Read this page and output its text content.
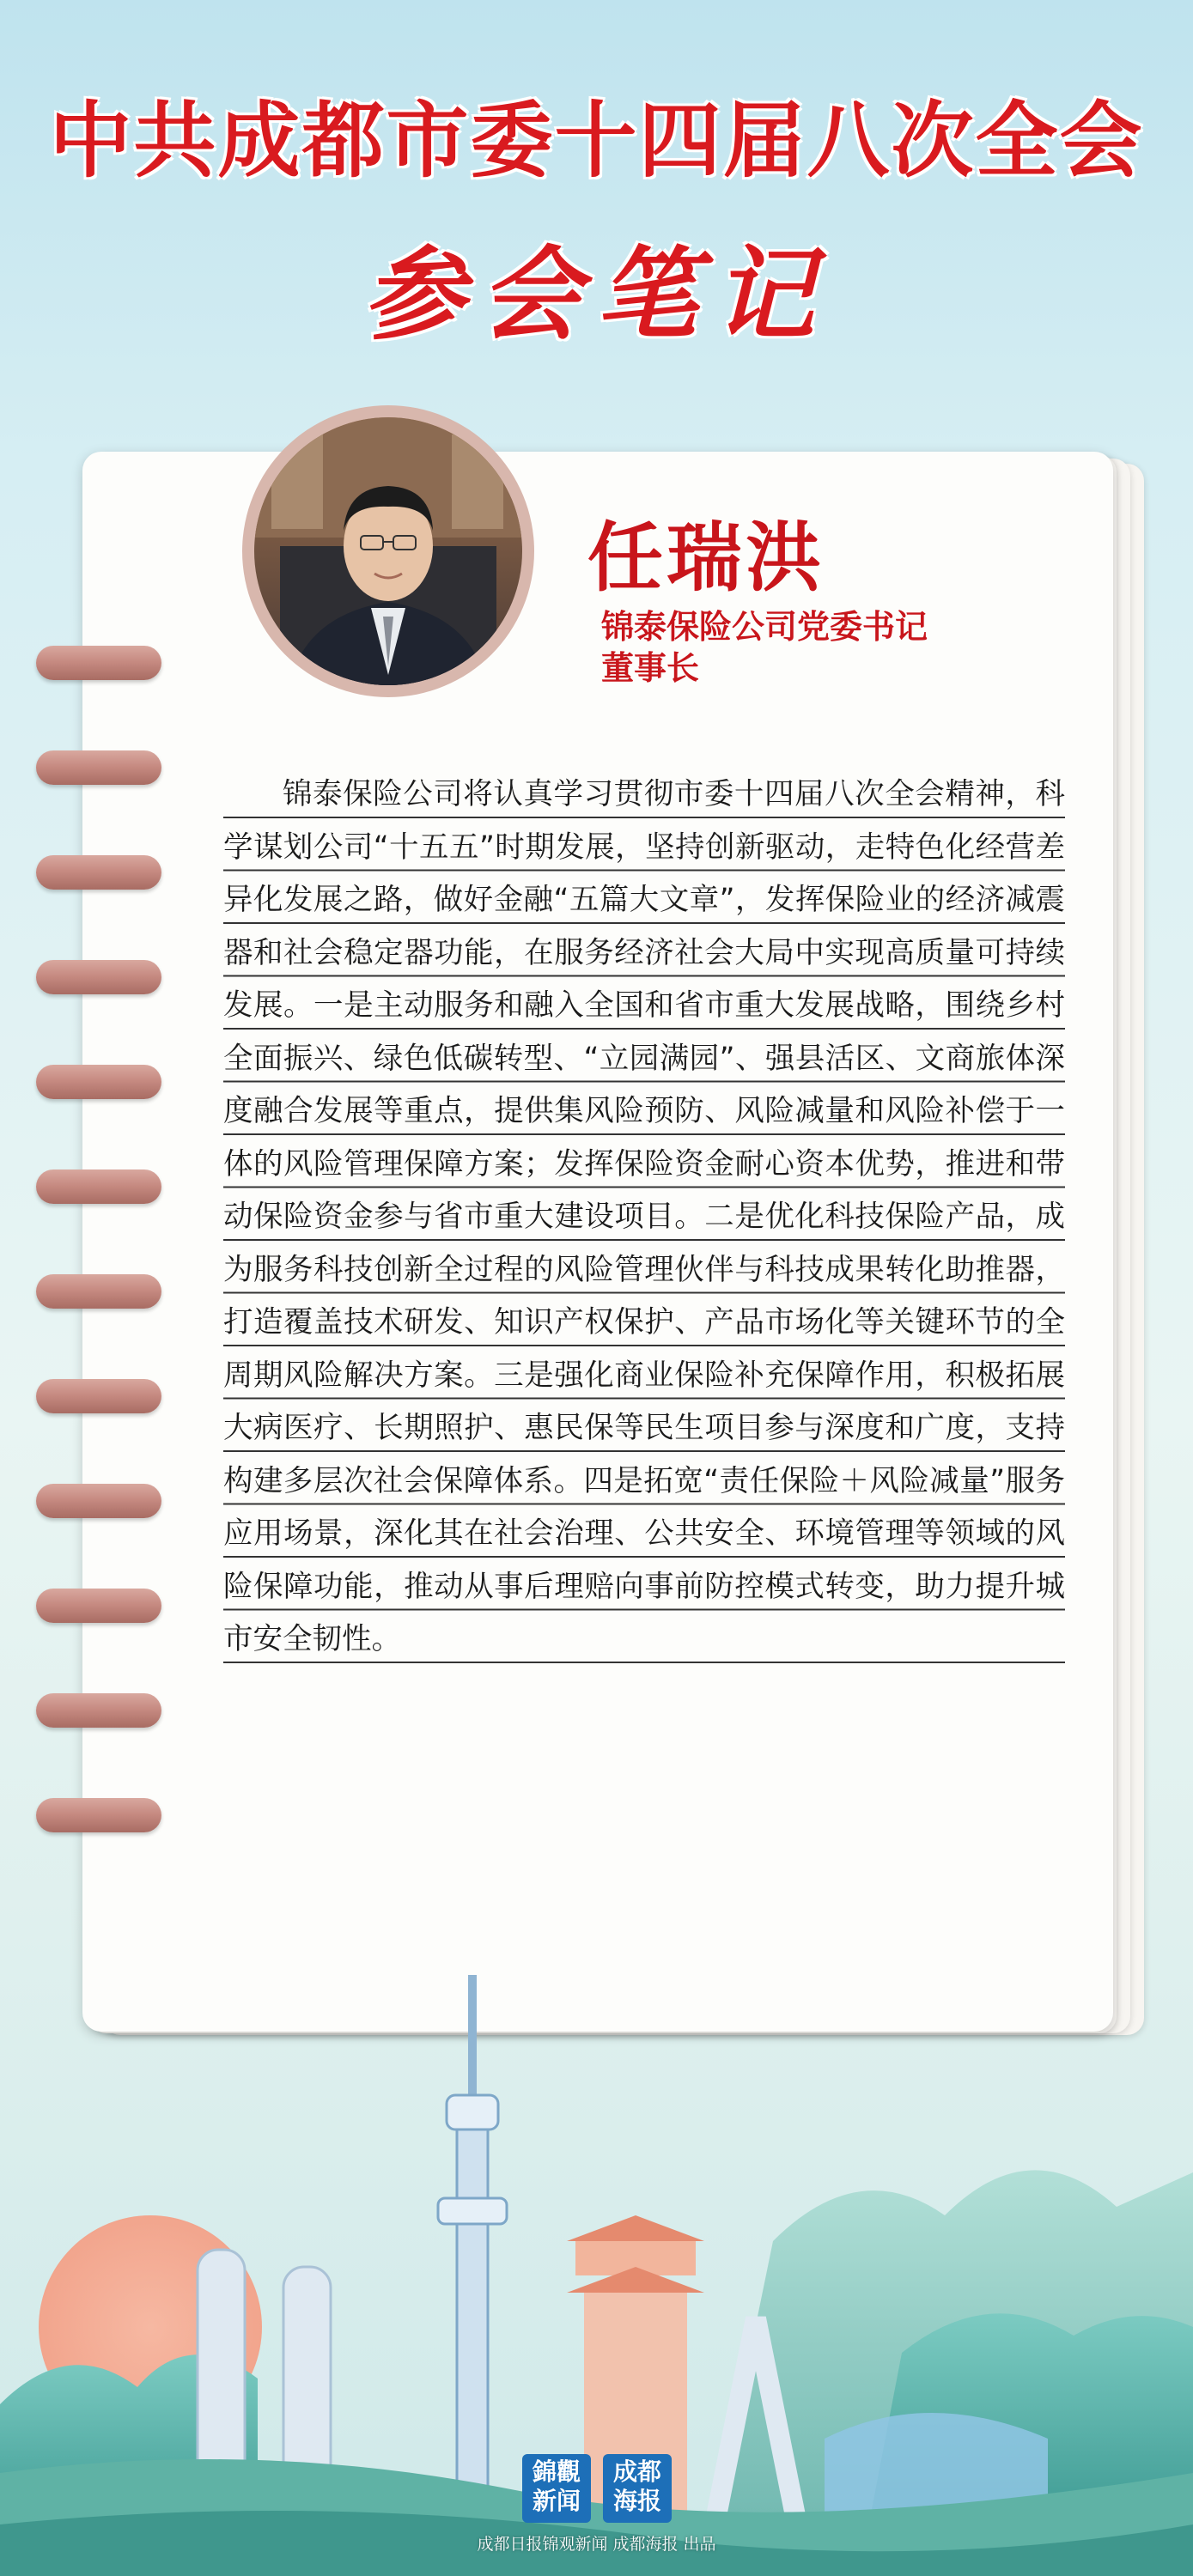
中共成都市委十四届八次全会
参会笔记
任瑞洪
锦泰保险公司党委书记
董事长
锦泰保险公司将认真学习贯彻市委十四届八次全会精神，科学谋划公司“十五五”时期发展，坚持创新驱动，走特色化经营差异化发展之路，做好金融“五篇大文章”，发挥保险业的经济减震器和社会稳定器功能，在服务经济社会大局中实现高质量可持续发展。一是主动服务和融入全国和省市重大发展战略，围绕乡村全面振兴、绿色低碳转型、“立园满园”、强县活区、文商旅体深度融合发展等重点，提供集风险预防、风险减量和风险补偿于一体的风险管理保障方案；发挥保险资金耐心资本优势，推进和带动保险资金参与省市重大建设项目。二是优化科技保险产品，成为服务科技创新全过程的风险管理伙伴与科技成果转化助推器，打造覆盖技术研发、知识产权保护、产品市场化等关键环节的全周期风险解决方案。三是强化商业保险补充保障作用，积极拓展大病医疗、长期照护、惠民保等民生项目参与深度和广度，支持构建多层次社会保障体系。四是拓宽“责任保险＋风险减量”服务应用场景，深化其在社会治理、公共安全、环境管理等领域的风险保障功能，推动从事后理赔向事前防控模式转变，助力提升城市安全韧性。
錦觀新闻
成都海报
成都日报锦观新闻 成都海报 出品
